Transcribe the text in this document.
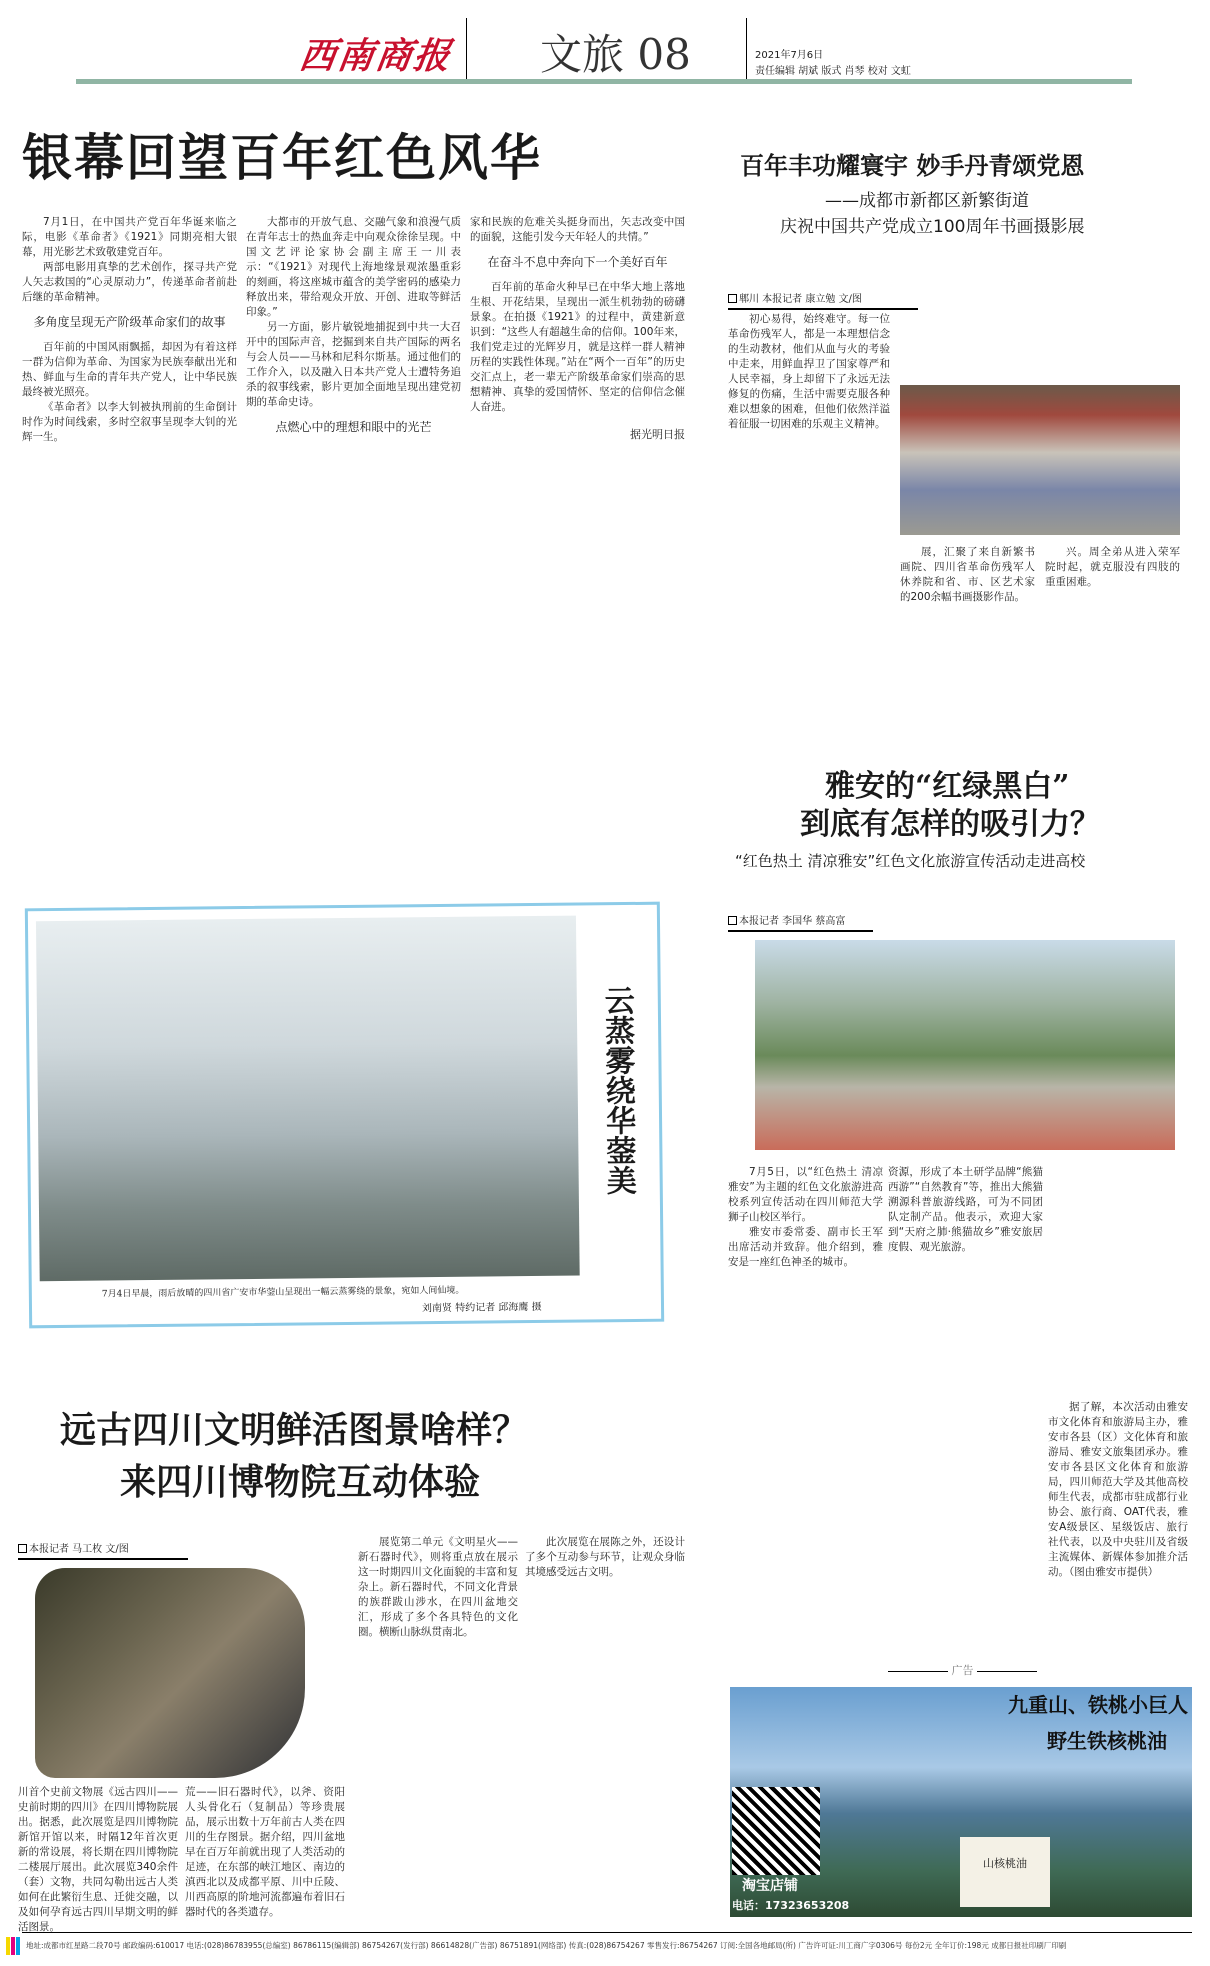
西南商报 文旅 08	2021年7月6日
责任编辑 胡斌 版式 肖琴 校对 文虹
银幕回望百年红色风华

7月1日，在中国共产党百年华诞来临之际，电影《革命者》《1921》同期亮相大银幕，用光影艺术致敬建党百年。

两部电影用真挚的艺术创作，探寻共产党人矢志救国的“心灵原动力”，传递革命者前赴后继的革命精神。

多角度呈现无产阶级革命家们的故事

百年前的中国风雨飘摇，却因为有着这样一群为信仰为革命、为国家为民族奉献出光和热、鲜血与生命的青年共产党人，让中华民族最终被光照亮。

《革命者》以李大钊被执刑前的生命倒计时作为时间线索，多时空叙事呈现李大钊的光辉一生。

大都市的开放气息、交融气象和浪漫气质在青年志士的热血奔走中向观众徐徐呈现。中国文艺评论家协会副主席王一川表示：“《1921》对现代上海地缘景观浓墨重彩的刻画，将这座城市蕴含的美学密码的感染力释放出来，带给观众开放、开创、进取等鲜活印象。”

另一方面，影片敏锐地捕捉到中共一大召开中的国际声音，挖掘到来自共产国际的两名与会人员——马林和尼科尔斯基。通过他们的工作介入，以及融入日本共产党人士遭特务追杀的叙事线索，影片更加全面地呈现出建党初期的革命史诗。

点燃心中的理想和眼中的光芒

家和民族的危难关头挺身而出，矢志改变中国的面貌，这能引发今天年轻人的共情。”

在奋斗不息中奔向下一个美好百年

百年前的革命火种早已在中华大地上落地生根、开花结果，呈现出一派生机勃勃的磅礴景象。在拍摄《1921》的过程中，黄建新意识到：“这些人有超越生命的信仰。100年来，我们党走过的光辉岁月，就是这样一群人精神历程的实践性体现。”站在“两个一百年”的历史交汇点上，老一辈无产阶级革命家们崇高的思想精神、真挚的爱国情怀、坚定的信仰信念催人奋进。

据光明日报
百年丰功耀寰宇 妙手丹青颂党恩
——成都市新都区新繁街道
庆祝中国共产党成立100周年书画摄影展
郫川 本报记者 康立勉 文/图

初心易得，始终难守。每一位革命伤残军人，都是一本理想信念的生动教材，他们从血与火的考验中走来，用鲜血捍卫了国家尊严和人民幸福，身上却留下了永远无法修复的伤痛，生活中需要克服各种难以想象的困难，但他们依然洋溢着征服一切困难的乐观主义精神。

展，汇聚了来自新繁书画院、四川省革命伤残军人休养院和省、市、区艺术家的200余幅书画摄影作品。

兴。周全弟从进入荣军院时起，就克服没有四肢的重重困难。

云蒸雾绕华蓥美
7月4日早晨，雨后放晴的四川省广安市华蓥山呈现出一幅云蒸雾绕的景象，宛如人间仙境。
刘南贤 特约记者 邱海鹰 摄
雅安的“红绿黑白”
到底有怎样的吸引力？
“红色热土 清凉雅安”红色文化旅游宣传活动走进高校
本报记者 李国华 蔡高富

7月5日，以“红色热土 清凉雅安”为主题的红色文化旅游进高校系列宣传活动在四川师范大学狮子山校区举行。

雅安市委常委、副市长王军出席活动并致辞。他介绍到，雅安是一座红色神圣的城市。

资源，形成了本土研学品牌“熊猫西游”“自然教育”等，推出大熊猫溯源科普旅游线路，可为不同团队定制产品。他表示，欢迎大家到“天府之肺·熊猫故乡”雅安旅居度假、观光旅游。

据了解，本次活动由雅安市文化体育和旅游局主办，雅安市各县（区）文化体育和旅游局、雅安文旅集团承办。雅安市各县区文化体育和旅游局，四川师范大学及其他高校师生代表，成都市驻成都行业协会、旅行商、OAT代表，雅安A级景区、星级饭店、旅行社代表，以及中央驻川及省级主流媒体、新媒体参加推介活动。（图由雅安市提供）

远古四川文明鲜活图景啥样？
来四川博物院互动体验
本报记者 马工枚 文/图

川首个史前文物展《远古四川——史前时期的四川》在四川博物院展出。据悉，此次展览是四川博物院新馆开馆以来，时隔12年首次更新的常设展，将长期在四川博物院二楼展厅展出。此次展览340余件（套）文物，共同勾勒出远古人类如何在此繁衍生息、迁徙交融，以及如何孕育远古四川早期文明的鲜活图景。

荒——旧石器时代》，以斧、资阳人头骨化石（复制品）等珍贵展品，展示出数十万年前古人类在四川的生存图景。据介绍，四川盆地早在百万年前就出现了人类活动的足迹，在东部的峡江地区、南边的滇西北以及成都平原、川中丘陵、川西高原的阶地河流都遍布着旧石器时代的各类遗存。

展览第二单元《文明星火——新石器时代》，则将重点放在展示这一时期四川文化面貌的丰富和复杂上。新石器时代，不同文化背景的族群跋山涉水，在四川盆地交汇，形成了多个各具特色的文化圈。横断山脉纵贯南北。

此次展览在展陈之外，还设计了多个互动参与环节，让观众身临其境感受远古文明。

广告
九重山、铁桃小巨人
野生铁核桃油
山核桃油
淘宝店铺
电话：17323653208
地址:成都市红星路二段70号 邮政编码:610017 电话:(028)86783955(总编室) 86786115(编辑部) 86754267(发行部) 86614828(广告部) 86751891(网络部) 传真:(028)86754267 零售发行:86754267 订阅:全国各地邮局(所) 广告许可证:川工商广字0306号 每份2元 全年订价:198元 成都日报社印刷厂印刷
